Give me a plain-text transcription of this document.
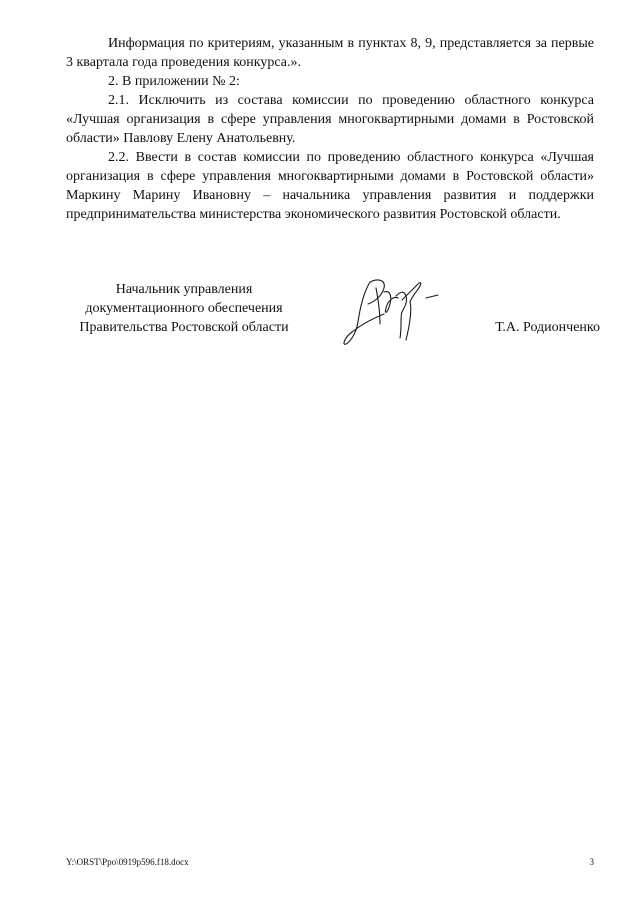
Информация по критериям, указанным в пунктах 8, 9, представляется за первые 3 квартала года проведения конкурса.».

2. В приложении № 2:

2.1. Исключить из состава комиссии по проведению областного конкурса «Лучшая организация в сфере управления многоквартирными домами в Ростовской области» Павлову Елену Анатольевну.

2.2. Ввести в состав комиссии по проведению областного конкурса «Лучшая организация в сфере управления многоквартирными домами в Ростовской области» Маркину Марину Ивановну – начальника управления развития и поддержки предпринимательства министерства экономического развития Ростовской области.

Начальник управления
документационного обеспечения
Правительства Ростовской области	Т.А. Родионченко
Y:\ORST\Ppo\0919p596.f18.docx	3
